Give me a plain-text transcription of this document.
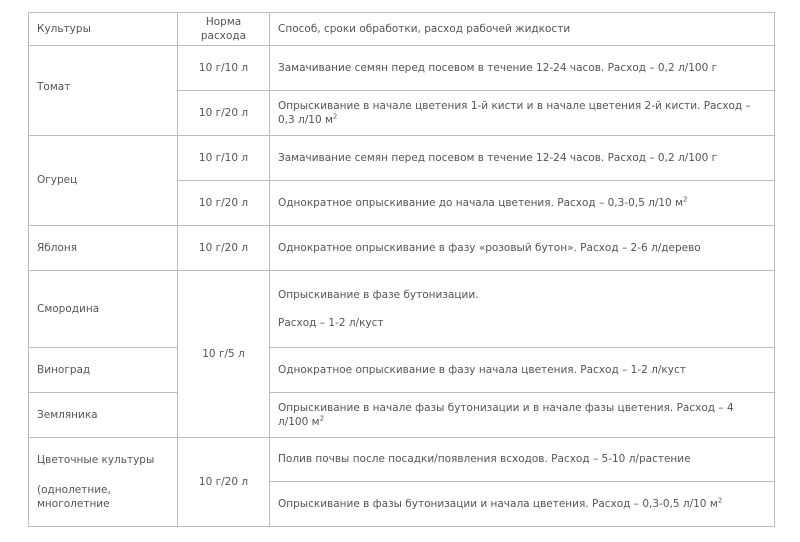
Культуры	Норма расхода	Способ, сроки обработки, расход рабочей жидкости
Томат	10 г/10 л	Замачивание семян перед посевом в течение 12-24 часов. Расход – 0,2 л/100 г
	10 г/20 л	Опрыскивание в начале цветения 1-й кисти и в начале цветения 2-й кисти. Расход – 0,3 л/10 $м^2$
Огурец	10 г/10 л	Замачивание семян перед посевом в течение 12-24 часов. Расход – 0,2 л/100 г
	10 г/20 л	Однократное опрыскивание до начала цветения. Расход – 0,3-0,5 л/10 $м^2$
Яблоня	10 г/20 л	Однократное опрыскивание в фазу «розовый бутон». Расход – 2-6 л/дерево
Смородина	10 г/5 л	Опрыскивание в фазе бутонизации.

Расход – 1-2 л/куст

Виноград		Однократное опрыскивание в фазу начала цветения. Расход – 1-2 л/куст
Земляника		Опрыскивание в начале фазы бутонизации и в начале фазы цветения. Расход – 4 л/100 $м^2$

Цветочные культуры

(однолетние, многолетние	10 г/20 л	Полив почвы после посадки/появления всходов. Расход – 5-10 л/растение
		Опрыскивание в фазы бутонизации и начала цветения. Расход – 0,3-0,5 л/10 $м^2$
